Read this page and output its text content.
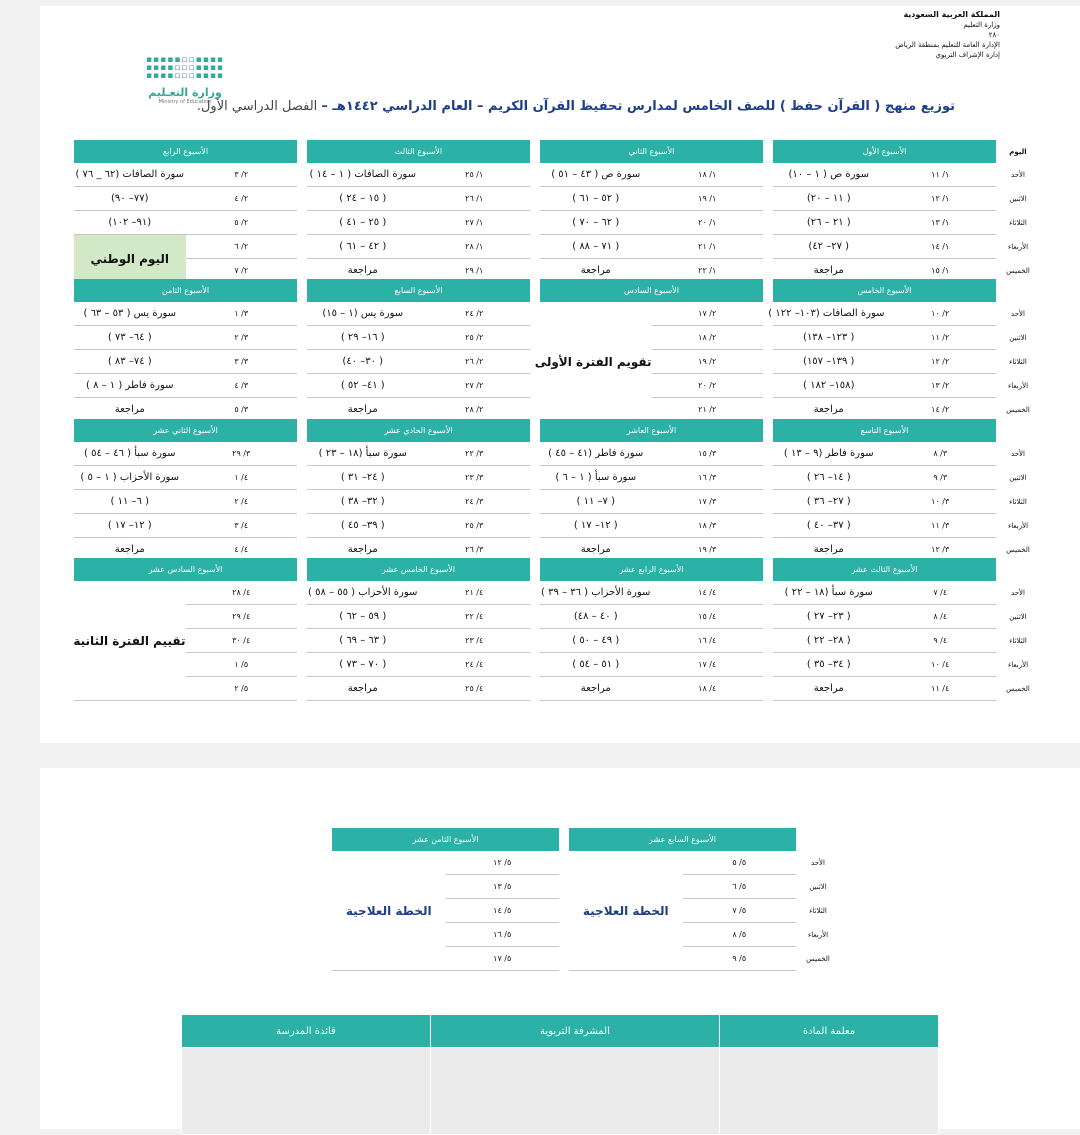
المملكة العربية السعودية
وزارة التعليم
٢٨٠
الإدارة العامة للتعليم بمنطقة الرياض
إدارة الإشراف التربوي
▪▪▪▪▪▫▫▪▪▪▪
▪▪▪▪▫▫▫▪▪▪▪
▪▪▪▪▫▫▫▪▪▪▪
وزارة التعـليم
Ministry of Education	توزيع منهج ( القرآن حفظ ) للصف الخامس لمدارس تحفيظ القرآن الكريم – العام الدراسي ١٤٤٢هـ – الفصل الدراسي الأول.
اليوم	الأسبوع الأول			الأسبوع الثاني			الأسبوع الثالث			الأسبوع الرابع	
الأحد	١/ ١١	سورة ص ( ١ – ١٠)		١/ ١٨	سورة ص ( ٤٣ – ٥١ )		١/ ٢٥	سورة الصافات ( ١ – ١٤ )		٢/ ٣	سورة الصافات (٦٢ _ ٧٦ )
الاثنين	١/ ١٢	( ١١ – ٢٠)		١/ ١٩	( ٥٢ – ٦١ )		١/ ٢٦	( ١٥ – ٢٤ )		٢/ ٤	(٧٧– ٩٠)
الثلاثاء	١/ ١٣	( ٢١ – ٢٦)		١/ ٢٠	( ٦٢ – ٧٠ )		١/ ٢٧	( ٢٥ – ٤١ )		٢/ ٥	(٩١– ١٠٢)
الأربعاء	١/ ١٤	( ٢٧– ٤٢)		١/ ٢١	( ٧١ – ٨٨ )		١/ ٢٨	( ٤٢ – ٦١ )		٢/ ٦	اليوم الوطني
الخميس	١/ ١٥	مراجعة		١/ ٢٢	مراجعة		١/ ٢٩	مراجعة		٢/ ٧	
	الأسبوع الخامس			الأسبوع السادس			الأسبوع السابع			الأسبوع الثامن	
الأحد	٢/ ١٠	سورة الصافات (١٠٣– ١٢٢ )		٢/ ١٧	تقويم الفترة الأولى		٢/ ٢٤	سورة يس (١ – ١٥)		٣/ ١	سورة يس ( ٥٣ – ٦٣ )
الاثنين	٢/ ١١	( ١٢٣– ١٣٨)		٢/ ١٨			٢/ ٢٥	( ١٦– ٢٩ )		٣/ ٢	( ٦٤– ٧٣ )
الثلاثاء	٢/ ١٢	( ١٣٩– ١٥٧)		٢/ ١٩			٢/ ٢٦	( ٣٠– ٤٠)		٣/ ٣	( ٧٤– ٨٣ )
الأربعاء	٢/ ١٣	(١٥٨– ١٨٢ )		٢/ ٢٠			٢/ ٢٧	( ٤١– ٥٢ )		٣/ ٤	سورة فاطر ( ١ – ٨ )
الخميس	٢/ ١٤	مراجعة		٢/ ٢١			٢/ ٢٨	مراجعة		٣/ ٥	مراجعة
	الأسبوع التاسع			الأسبوع العاشر			الأسبوع الحادي عشر			الأسبوع الثاني عشر	
الأحد	٣/ ٨	سورة فاطر (٩ – ١٣ )		٣/ ١٥	سورة فاطر (٤١ – ٤٥ )		٣/ ٢٢	سورة سبأ (١٨ – ٢٣ )		٣/ ٢٩	سورة سبأ ( ٤٦ – ٥٤ )
الاثنين	٣/ ٩	( ١٤– ٢٦ )		٣/ ١٦	سورة سبأ ( ١ – ٦ )		٣/ ٢٣	( ٢٤– ٣١ )		٤/ ١	سورة الأحزاب ( ١ – ٥ )
الثلاثاء	٣/ ١٠	( ٢٧– ٣٦ )		٣/ ١٧	( ٧– ١١ )		٣/ ٢٤	( ٣٢– ٣٨ )		٤/ ٢	( ٦– ١١ )
الأربعاء	٣/ ١١	( ٣٧– ٤٠ )		٣/ ١٨	( ١٢– ١٧ )		٣/ ٢٥	( ٣٩– ٤٥ )		٤/ ٣	( ١٢– ١٧ )
الخميس	٣/ ١٢	مراجعة		٣/ ١٩	مراجعة		٣/ ٢٦	مراجعة		٤/ ٤	مراجعة
	الأسبوع الثالث عشر			الأسبوع الرابع عشر			الأسبوع الخامس عشر			الأسبوع السادس عشر	
الأحد	٤/ ٧	سورة سبأ (١٨ – ٢٢ )		٤/ ١٤	سورة الأحزاب ( ٣٦ – ٣٩ )		٤/ ٢١	سورة الأحزاب ( ٥٥ – ٥٨ )		٤/ ٢٨	تقييم الفترة الثانية
الاثنين	٤/ ٨	( ٢٣– ٢٧ )		٤/ ١٥	( ٤٠ – ٤٨)		٤/ ٢٢	( ٥٩ – ٦٢ )		٤/ ٢٩	
الثلاثاء	٤/ ٩	( ٢٨– ٢٢ )		٤/ ١٦	( ٤٩ – ٥٠ )		٤/ ٢٣	( ٦٣ – ٦٩ )		٤/ ٣٠	
الأربعاء	٤/ ١٠	( ٣٤– ٣٥ )		٤/ ١٧	( ٥١ – ٥٤ )		٤/ ٢٤	( ٧٠ – ٧٣ )		٥/ ١	
الخميس	٤/ ١١	مراجعة		٤/ ١٨	مراجعة		٤/ ٢٥	مراجعة		٥/ ٢	
	الأسبوع السابع عشر			الأسبوع الثامن عشر	
الأحد	٥/ ٥	الخطة العلاجية		٥/ ١٢	الخطة العلاجية
الاثنين	٥/ ٦			٥/ ١٣	
الثلاثاء	٥/ ٧			٥/ ١٤	
الأربعاء	٥/ ٨			٥/ ١٦	
الخميس	٥/ ٩			٥/ ١٧	
معلمة المادة	المشرفة التربوية	قائدة المدرسة
